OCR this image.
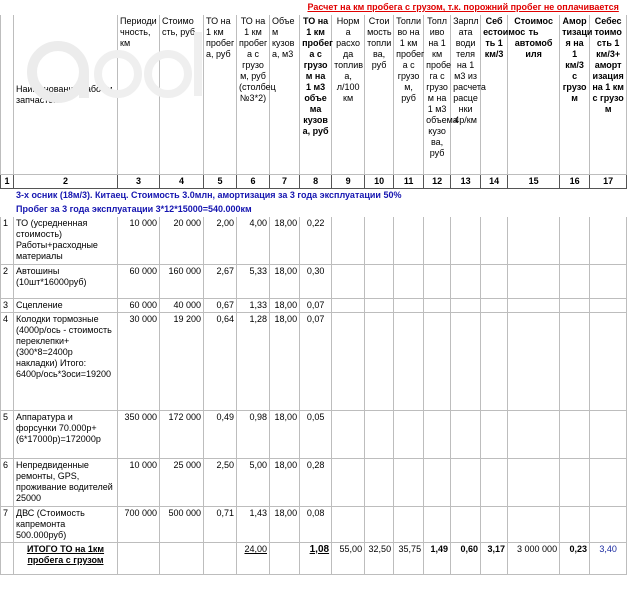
							Расчет на км пробега с грузом, т.к. порожний пробег не оплачивается									
	Наименование работ и запчастей	Периоди чность, км	Стоимо сть, руб	ТО на 1 км пробег а, руб	ТО на 1 км пробег а с грузо м, руб (столбец №3*2)	Объе м кузов а, м3	ТО на 1 км пробег а с грузо м на 1 м3 объе ма кузов а, руб	Норм а расхо да топлив а, л/100 км	Стои мость топли ва, руб	Топли во на 1 км пробег а с грузо м, руб	Топл иво на 1 км пробе га с грузо м на 1 м3 объема кузо ва, руб	Зарпл ата води теля на 1 м3 из расчета расце нки 4р/км	Себ естоимос ть 1 км/3	Стоимос ть автомоб иля	Амор тизаци я на 1 км/3 с грузо м	Себес тоимо сть 1 км/3+ аморт изация на 1 км с грузо м
1	2	3	4	5	6	7	8	9	10	11	12	13	14	15	16	17
	3-х осник (18м/3). Китаец. Стоимость 3.0млн, амортизация за 3 года эксплуатации 50%															
	Пробег за 3 года эксплуатации 3*12*15000=540.000км															
1	ТО (усредненная стоимость) Работы+расходные материалы	10 000	20 000	2,00	4,00	18,00	0,22									
2	Автошины (10шт*16000руб)	60 000	160 000	2,67	5,33	18,00	0,30									
3	Сцепление	60 000	40 000	0,67	1,33	18,00	0,07									
4	Колодки тормозные (4000р/ось - стоимость переклепки+ (300*8=2400р накладки) Итого: 6400р/ось*3оси=19200	30 000	19 200	0,64	1,28	18,00	0,07									
5	Аппаратура и форсунки 70.000р+(6*17000р)=172000р	350 000	172 000	0,49	0,98	18,00	0,05									
6	Непредвиденные ремонты, GPS, проживание водителей 25000	10 000	25 000	2,50	5,00	18,00	0,28									
7	ДВС (Стоимость капремонта 500.000руб)	700 000	500 000	0,71	1,43	18,00	0,08									
	ИТОГО ТО на 1км пробега с грузом				24,00		1,08	55,00	32,50	35,75	1,49	0,60	3,17	3 000 000	0,23	3,40
